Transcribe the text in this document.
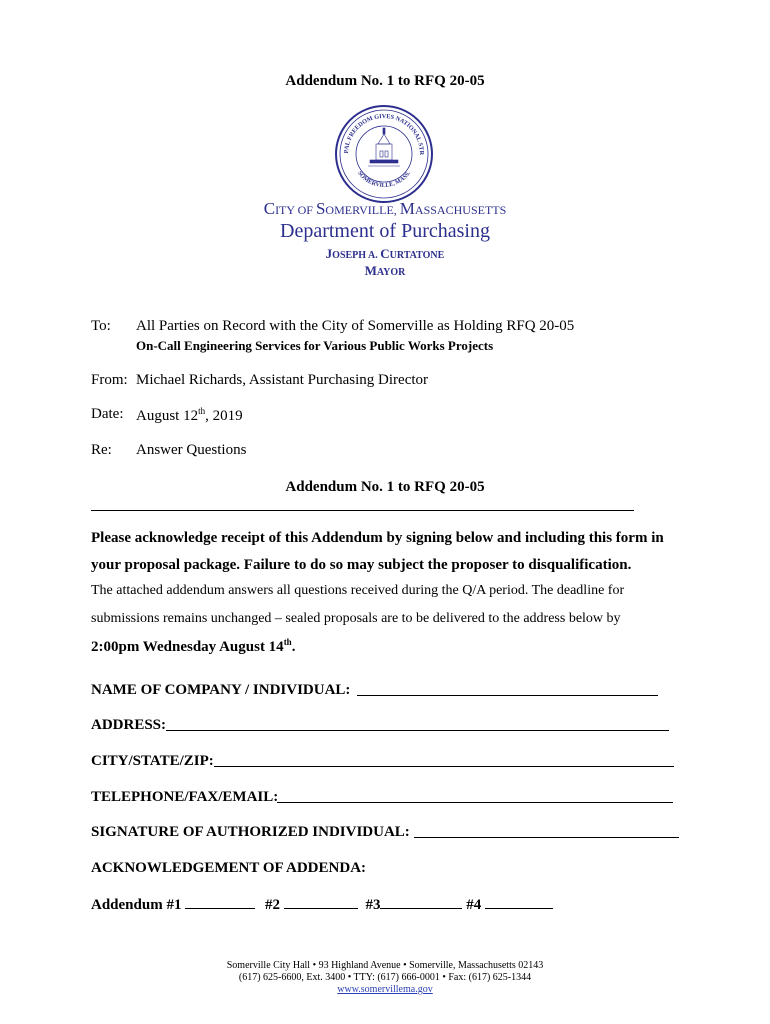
Addendum No. 1 to RFQ 20-05
PAL FREEDOM GIVES NATIONAL STR
SOMERVILLE, MASS.
CITY OF SOMERVILLE, MASSACHUSETTS
Department of Purchasing
JOSEPH A. CURTATONE
MAYOR
To: All Parties on Record with the City of Somerville as Holding RFQ 20-05
On-Call Engineering Services for Various Public Works Projects
From: Michael Richards, Assistant Purchasing Director
Date: August 12th, 2019
Re: Answer Questions
Addendum No. 1 to RFQ 20-05
Please acknowledge receipt of this Addendum by signing below and including this form in
your proposal package. Failure to do so may subject the proposer to disqualification.
The attached addendum answers all questions received during the Q/A period. The deadline for
submissions remains unchanged – sealed proposals are to be delivered to the address below by
2:00pm Wednesday August 14th.
NAME OF COMPANY / INDIVIDUAL:
ADDRESS:
CITY/STATE/ZIP:
TELEPHONE/FAX/EMAIL:
SIGNATURE OF AUTHORIZED INDIVIDUAL:
ACKNOWLEDGEMENT OF ADDENDA:
Addendum #1	#2	#3	#4
Somerville City Hall • 93 Highland Avenue • Somerville, Massachusetts 02143
(617) 625-6600, Ext. 3400 • TTY: (617) 666-0001 • Fax: (617) 625-1344
www.somervillema.gov
